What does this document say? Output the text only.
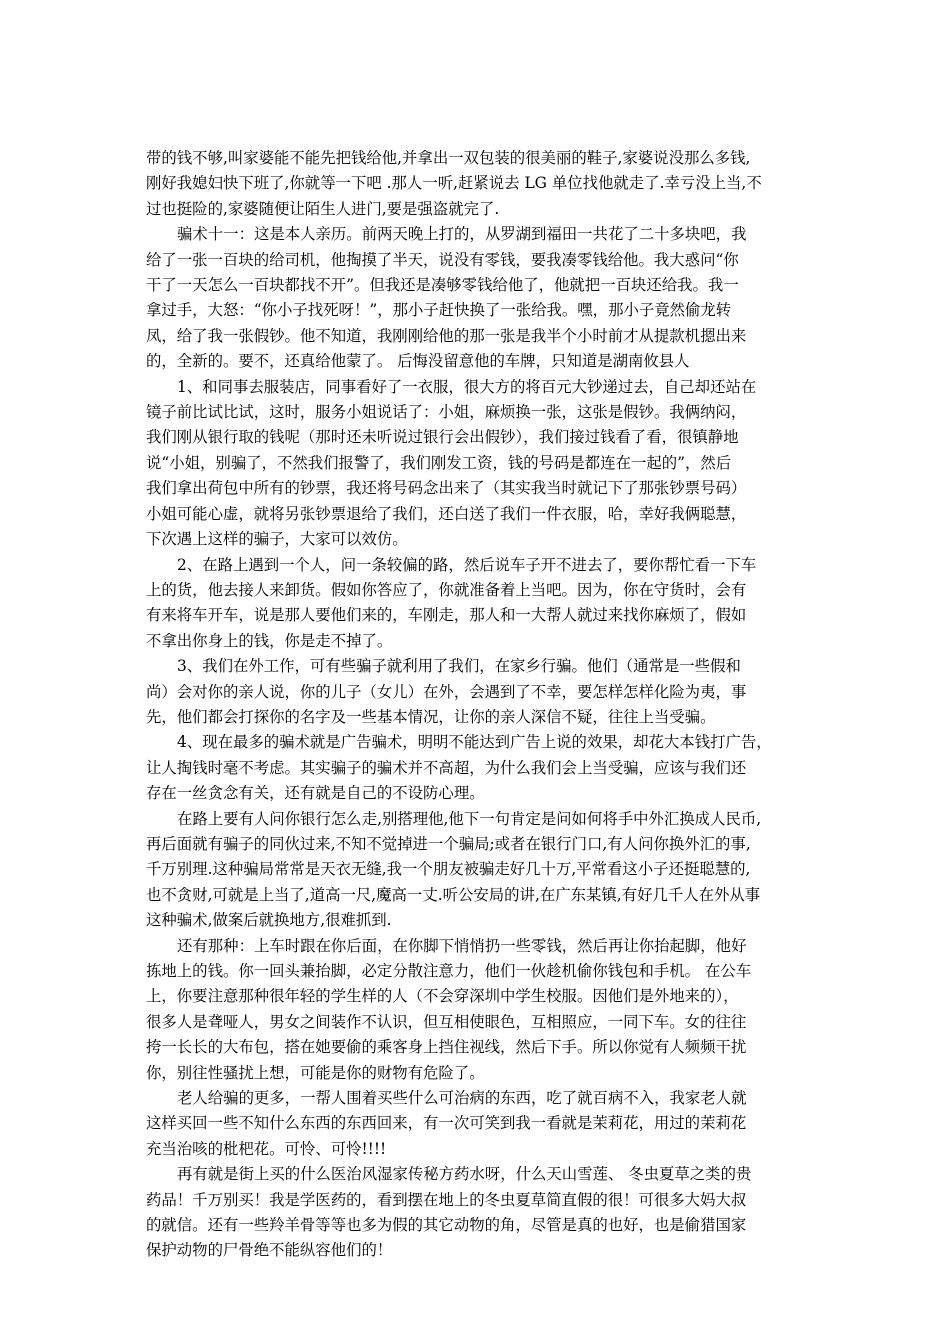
带的钱不够,叫家婆能不能先把钱给他,并拿出一双包装的很美丽的鞋子,家婆说没那么多钱,
刚好我媳妇快下班了,你就等一下吧 .那人一听,赶紧说去 LG 单位找他就走了.幸亏没上当,不
过也挺险的,家婆随便让陌生人进门,要是强盗就完了.

骗术十一：这是本人亲历。前两天晚上打的，从罗湖到福田一共花了二十多块吧，我
给了一张一百块的给司机，他掏摸了半天，说没有零钱，要我凑零钱给他。我大惑问“你
干了一天怎么一百块都找不开”。但我还是凑够零钱给他了，他就把一百块还给我。我一
拿过手，大怒：“你小子找死呀！”，那小子赶快换了一张给我。嘿，那小子竟然偷龙转
凤，给了我一张假钞。他不知道，我刚刚给他的那一张是我半个小时前才从提款机摁出来
的，全新的。要不，还真给他蒙了。 后悔没留意他的车牌，只知道是湖南攸县人

1、和同事去服装店，同事看好了一衣服，很大方的将百元大钞递过去，自己却还站在
镜子前比试比试，这时，服务小姐说话了：小姐，麻烦换一张，这张是假钞。我俩纳闷，
我们刚从银行取的钱呢（那时还未听说过银行会出假钞），我们接过钱看了看，很镇静地
说“小姐，别骗了，不然我们报警了，我们刚发工资，钱的号码是都连在一起的”，然后
我们拿出荷包中所有的钞票，我还将号码念出来了（其实我当时就记下了那张钞票号码）
小姐可能心虚，就将另张钞票退给了我们，还白送了我们一件衣服，哈，幸好我俩聪慧，
下次遇上这样的骗子，大家可以效仿。

2、在路上遇到一个人，问一条较偏的路，然后说车子开不进去了，要你帮忙看一下车
上的货，他去接人来卸货。假如你答应了，你就准备着上当吧。因为，你在守货时，会有
有来将车开车，说是那人要他们来的，车刚走，那人和一大帮人就过来找你麻烦了，假如
不拿出你身上的钱，你是走不掉了。

3、我们在外工作，可有些骗子就利用了我们，在家乡行骗。他们（通常是一些假和
尚）会对你的亲人说，你的儿子（女儿）在外，会遇到了不幸，要怎样怎样化险为夷，事
先，他们都会打探你的名字及一些基本情况，让你的亲人深信不疑，往往上当受骗。

4、现在最多的骗术就是广告骗术，明明不能达到广告上说的效果，却花大本钱打广告，
让人掏钱时毫不考虑。其实骗子的骗术并不高超，为什么我们会上当受骗，应该与我们还
存在一丝贪念有关，还有就是自己的不设防心理。

在路上要有人问你银行怎么走,别搭理他,他下一句肯定是问如何将手中外汇换成人民币,
再后面就有骗子的同伙过来,不知不觉掉进一个骗局;或者在银行门口,有人问你换外汇的事,
千万别理.这种骗局常常是天衣无缝,我一个朋友被骗走好几十万,平常看这小子还挺聪慧的,
也不贪财,可就是上当了,道高一尺,魔高一丈.听公安局的讲,在广东某镇,有好几千人在外从事
这种骗术,做案后就换地方,很难抓到.

还有那种：上车时跟在你后面，在你脚下悄悄扔一些零钱，然后再让你抬起脚，他好
拣地上的钱。你一回头兼抬脚，必定分散注意力，他们一伙趁机偷你钱包和手机。 在公车
上，你要注意那种很年轻的学生样的人（不会穿深圳中学生校服。因他们是外地来的），
很多人是聋哑人，男女之间装作不认识，但互相使眼色，互相照应，一同下车。女的往往
挎一长长的大布包，搭在她要偷的乘客身上挡住视线，然后下手。所以你觉有人频频干扰
你，别往性骚扰上想，可能是你的财物有危险了。

老人给骗的更多，一帮人围着买些什么可治病的东西，吃了就百病不入，我家老人就
这样买回一些不知什么东西的东西回来，有一次可笑到我一看就是茉莉花，用过的茉莉花
充当治咳的枇杷花。可怜、可怜!!!!

再有就是街上买的什么医治风湿家传秘方药水呀，什么天山雪莲、 冬虫夏草之类的贵
药品！千万别买！我是学医药的，看到摆在地上的冬虫夏草简直假的很！可很多大妈大叔
的就信。还有一些羚羊骨等等也多为假的其它动物的角，尽管是真的也好，也是偷猎国家
保护动物的尸骨绝不能纵容他们的！
